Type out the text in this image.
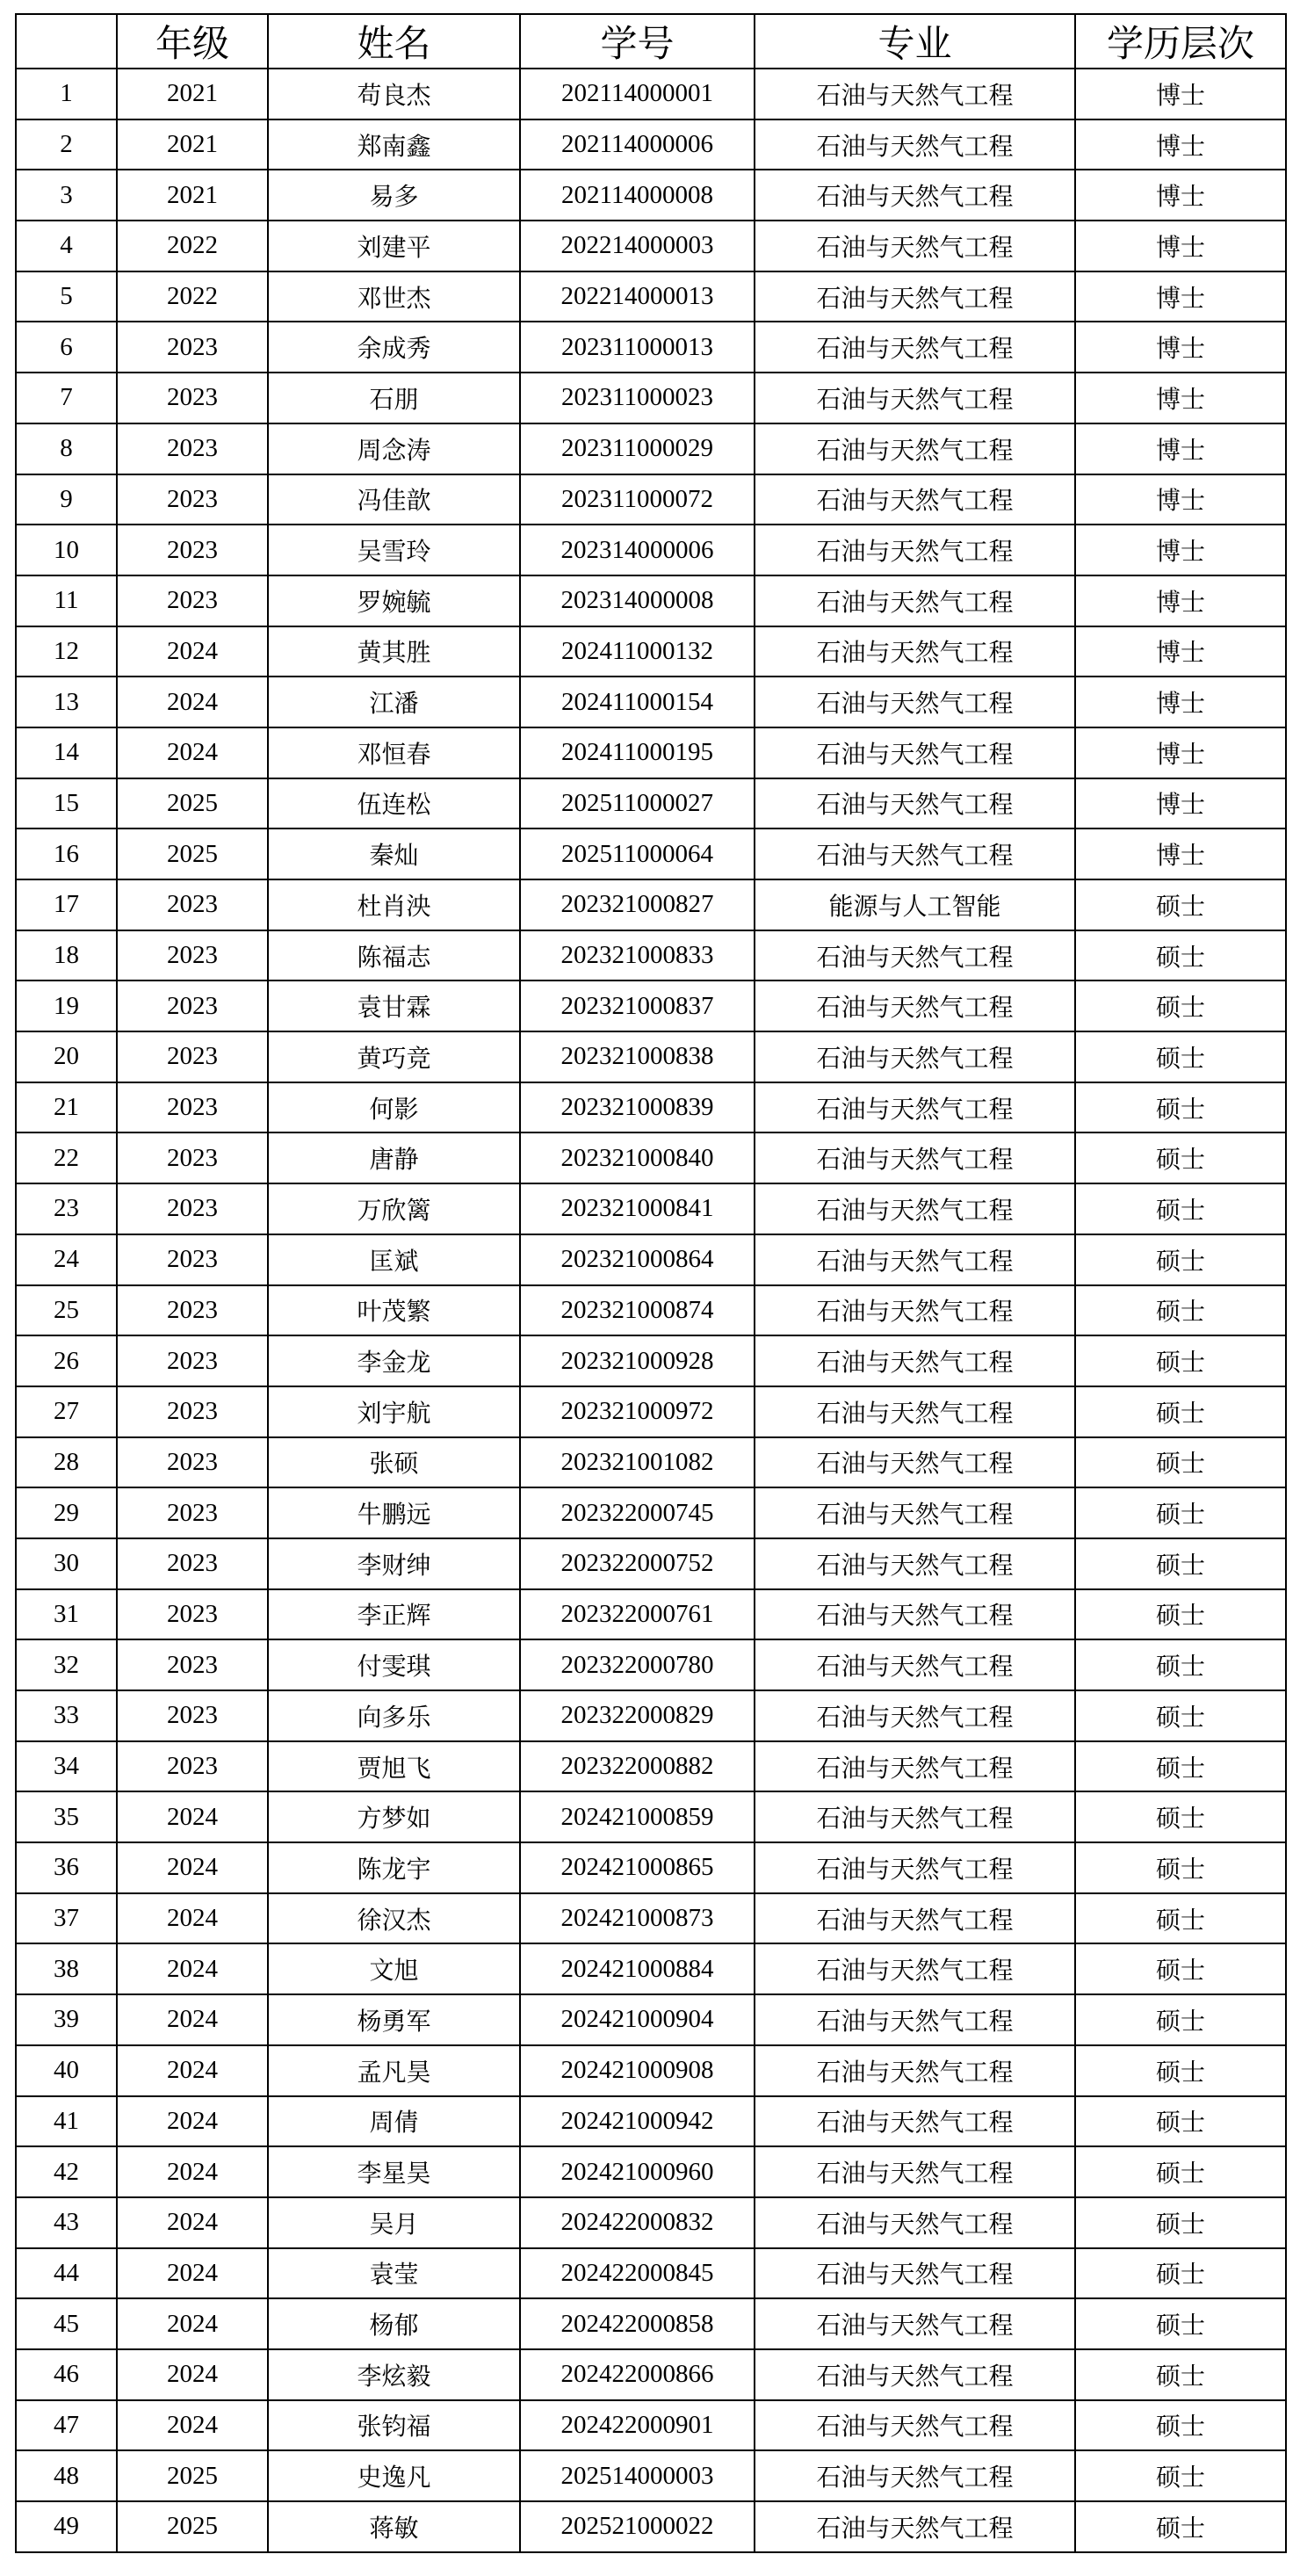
	年级	姓名	学号	专业	学历层次
1	2021	苟良杰	202114000001	石油与天然气工程	博士
2	2021	郑南鑫	202114000006	石油与天然气工程	博士
3	2021	易多	202114000008	石油与天然气工程	博士
4	2022	刘建平	202214000003	石油与天然气工程	博士
5	2022	邓世杰	202214000013	石油与天然气工程	博士
6	2023	余成秀	202311000013	石油与天然气工程	博士
7	2023	石朋	202311000023	石油与天然气工程	博士
8	2023	周念涛	202311000029	石油与天然气工程	博士
9	2023	冯佳歆	202311000072	石油与天然气工程	博士
10	2023	吴雪玲	202314000006	石油与天然气工程	博士
11	2023	罗婉毓	202314000008	石油与天然气工程	博士
12	2024	黄其胜	202411000132	石油与天然气工程	博士
13	2024	江潘	202411000154	石油与天然气工程	博士
14	2024	邓恒春	202411000195	石油与天然气工程	博士
15	2025	伍连松	202511000027	石油与天然气工程	博士
16	2025	秦灿	202511000064	石油与天然气工程	博士
17	2023	杜肖泱	202321000827	能源与人工智能	硕士
18	2023	陈福志	202321000833	石油与天然气工程	硕士
19	2023	袁甘霖	202321000837	石油与天然气工程	硕士
20	2023	黄巧竞	202321000838	石油与天然气工程	硕士
21	2023	何影	202321000839	石油与天然气工程	硕士
22	2023	唐静	202321000840	石油与天然气工程	硕士
23	2023	万欣篱	202321000841	石油与天然气工程	硕士
24	2023	匡斌	202321000864	石油与天然气工程	硕士
25	2023	叶茂繁	202321000874	石油与天然气工程	硕士
26	2023	李金龙	202321000928	石油与天然气工程	硕士
27	2023	刘宇航	202321000972	石油与天然气工程	硕士
28	2023	张硕	202321001082	石油与天然气工程	硕士
29	2023	牛鹏远	202322000745	石油与天然气工程	硕士
30	2023	李财绅	202322000752	石油与天然气工程	硕士
31	2023	李正辉	202322000761	石油与天然气工程	硕士
32	2023	付雯琪	202322000780	石油与天然气工程	硕士
33	2023	向多乐	202322000829	石油与天然气工程	硕士
34	2023	贾旭飞	202322000882	石油与天然气工程	硕士
35	2024	方梦如	202421000859	石油与天然气工程	硕士
36	2024	陈龙宇	202421000865	石油与天然气工程	硕士
37	2024	徐汉杰	202421000873	石油与天然气工程	硕士
38	2024	文旭	202421000884	石油与天然气工程	硕士
39	2024	杨勇军	202421000904	石油与天然气工程	硕士
40	2024	孟凡昊	202421000908	石油与天然气工程	硕士
41	2024	周倩	202421000942	石油与天然气工程	硕士
42	2024	李星昊	202421000960	石油与天然气工程	硕士
43	2024	吴月	202422000832	石油与天然气工程	硕士
44	2024	袁莹	202422000845	石油与天然气工程	硕士
45	2024	杨郁	202422000858	石油与天然气工程	硕士
46	2024	李炫毅	202422000866	石油与天然气工程	硕士
47	2024	张钧福	202422000901	石油与天然气工程	硕士
48	2025	史逸凡	202514000003	石油与天然气工程	硕士
49	2025	蒋敏	202521000022	石油与天然气工程	硕士
